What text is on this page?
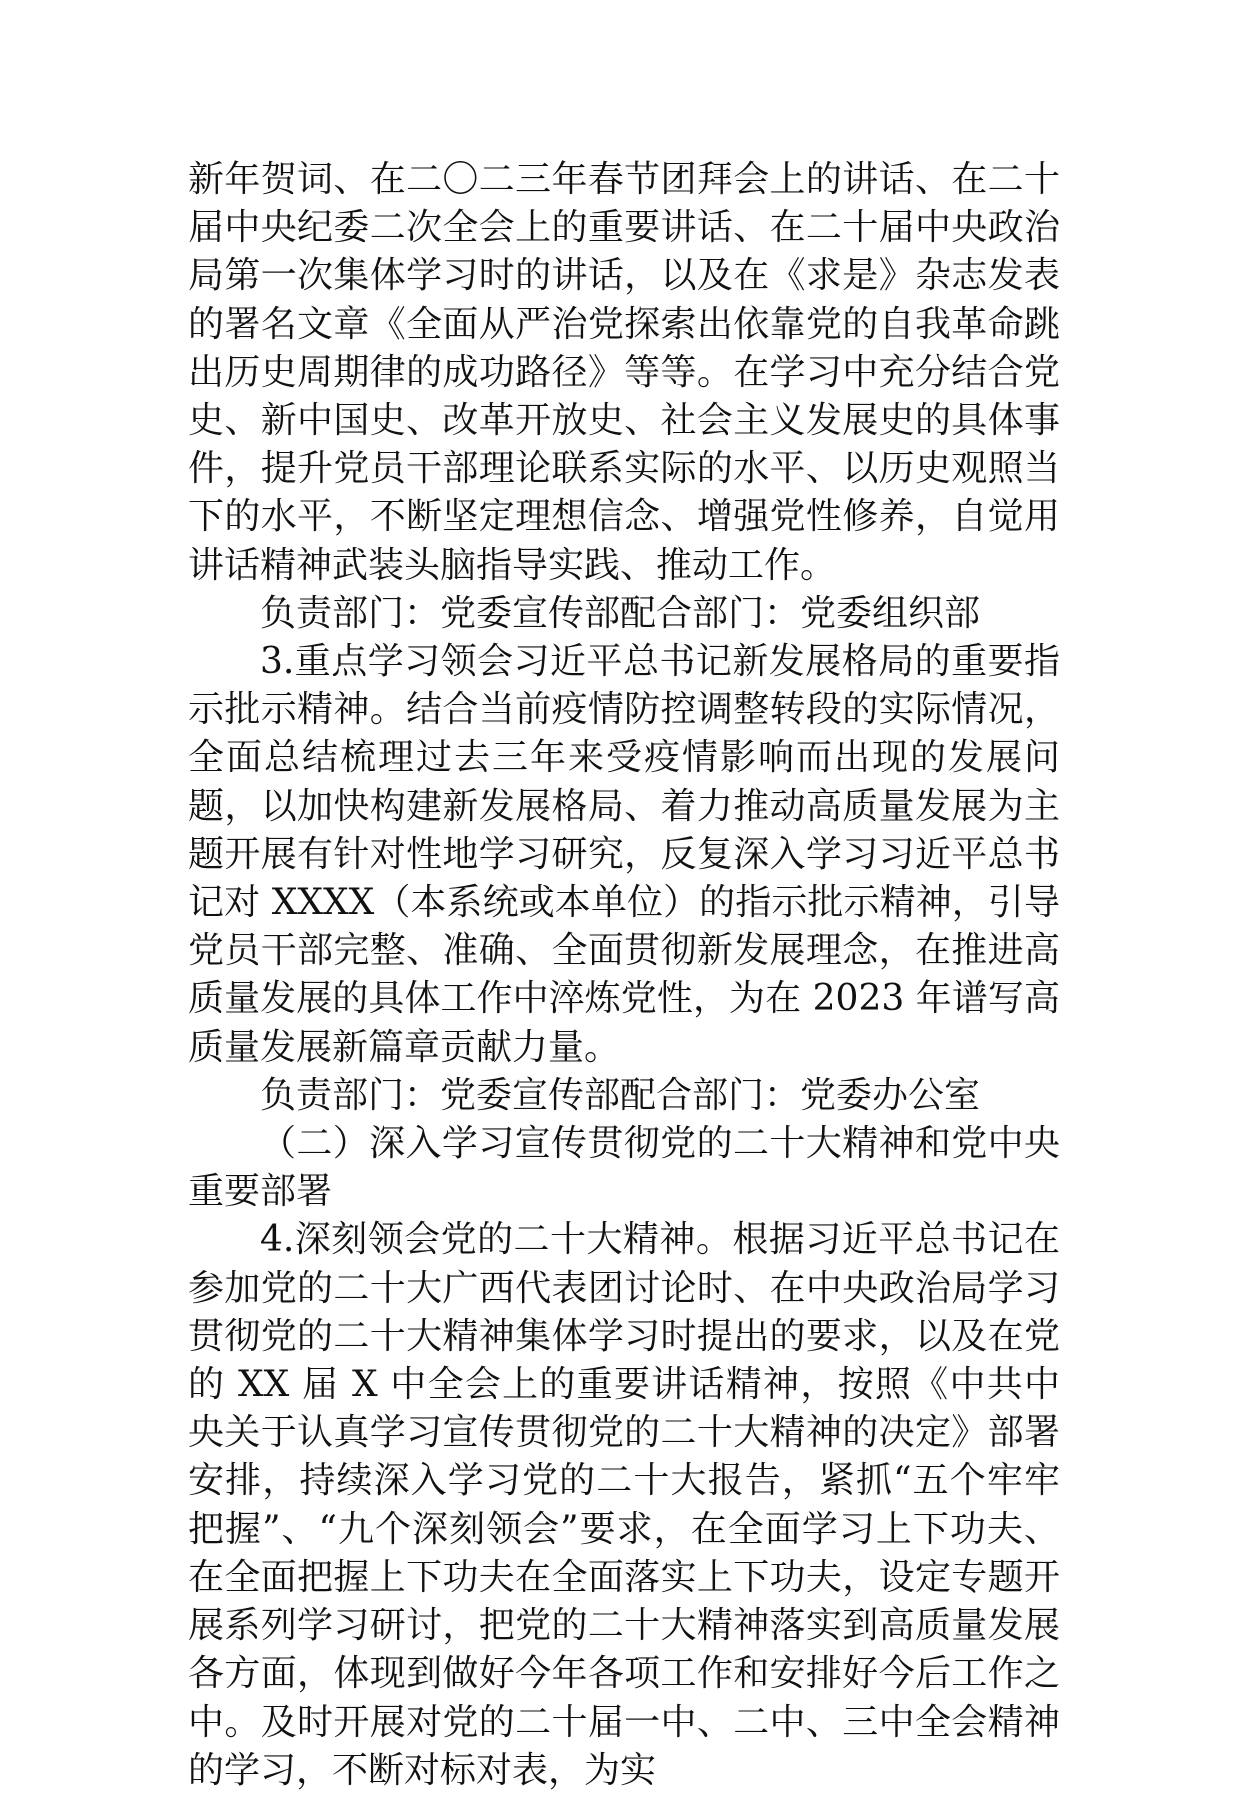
新年贺词、在二〇二三年春节团拜会上的讲话、在二十届中央纪委二次全会上的重要讲话、在二十届中央政治局第一次集体学习时的讲话，以及在《求是》杂志发表的署名文章《全面从严治党探索出依靠党的自我革命跳出历史周期律的成功路径》等等。在学习中充分结合党史、新中国史、改革开放史、社会主义发展史的具体事件，提升党员干部理论联系实际的水平、以历史观照当下的水平，不断坚定理想信念、增强党性修养，自觉用讲话精神武装头脑指导实践、推动工作。

负责部门：党委宣传部配合部门：党委组织部

3.重点学习领会习近平总书记新发展格局的重要指示批示精神。结合当前疫情防控调整转段的实际情况，全面总结梳理过去三年来受疫情影响而出现的发展问题，以加快构建新发展格局、着力推动高质量发展为主题开展有针对性地学习研究，反复深入学习习近平总书记对 XXXX（本系统或本单位）的指示批示精神，引导党员干部完整、准确、全面贯彻新发展理念，在推进高质量发展的具体工作中淬炼党性，为在 2023 年谱写高质量发展新篇章贡献力量。

负责部门：党委宣传部配合部门：党委办公室

（二）深入学习宣传贯彻党的二十大精神和党中央重要部署

4.深刻领会党的二十大精神。根据习近平总书记在参加党的二十大广西代表团讨论时、在中央政治局学习贯彻党的二十大精神集体学习时提出的要求，以及在党的 XX 届 X 中全会上的重要讲话精神，按照《中共中央关于认真学习宣传贯彻党的二十大精神的决定》部署安排，持续深入学习党的二十大报告，紧抓“五个牢牢把握”、“九个深刻领会”要求，在全面学习上下功夫、在全面把握上下功夫在全面落实上下功夫，设定专题开展系列学习研讨，把党的二十大精神落实到高质量发展各方面，体现到做好今年各项工作和安排好今后工作之中。及时开展对党的二十届一中、二中、三中全会精神的学习，不断对标对表，为实
